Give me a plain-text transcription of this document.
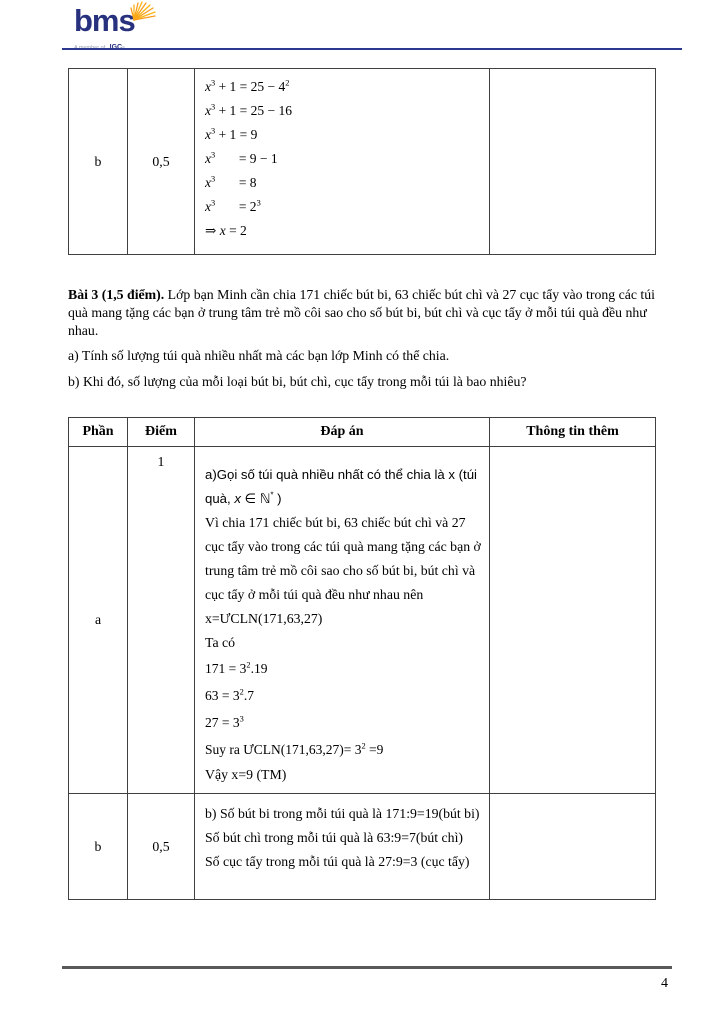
bms
b	0,5	
$x^3 + 1 = 25 - 4^2$
$x^3 + 1 = 25 - 16$
$x^3 + 1 = 9$
$x^3$       = 9 − 1
$x^3$       = 8
$x^3$       = $2^3$
⇒ x = 2

Bài 3 (1,5 điểm). Lớp bạn Minh cần chia 171 chiếc bút bi, 63 chiếc bút chì và 27 cục tẩy vào trong các túi quà mang tặng các bạn ở trung tâm trẻ mồ côi sao cho số bút bi, bút chì và cục tẩy ở mỗi túi quà đều như nhau.

a) Tính số lượng túi quà nhiều nhất mà các bạn lớp Minh có thể chia.

b) Khi đó, số lượng của mỗi loại bút bi, bút chì, cục tẩy trong mỗi túi là bao nhiêu?

Phần	Điểm	Đáp án	Thông tin thêm
a	1	
a)Gọi số túi quà nhiều nhất có thể chia là x (túi quà, x ∈ ℕ* )
Vì chia 171 chiếc bút bi, 63 chiếc bút chì và 27 cục tẩy vào trong các túi quà mang tặng các bạn ở trung tâm trẻ mồ côi sao cho số bút bi, bút chì và cục tẩy ở mỗi túi quà đều như nhau nên
x=ƯCLN(171,63,27)
Ta có
$171 = 3^2.19$
$63 = 3^2.7$
$27 = 3^3$
Suy ra ƯCLN(171,63,27)= $3^2 =9$
Vậy x=9 (TM)

b	0,5	b) Số bút bi trong mỗi túi quà là 171:9=19(bút bi)
Số bút chì trong mỗi túi quà là 63:9=7(bút chì)
Số cục tẩy trong mỗi túi quà là 27:9=3 (cục tẩy)	

4
